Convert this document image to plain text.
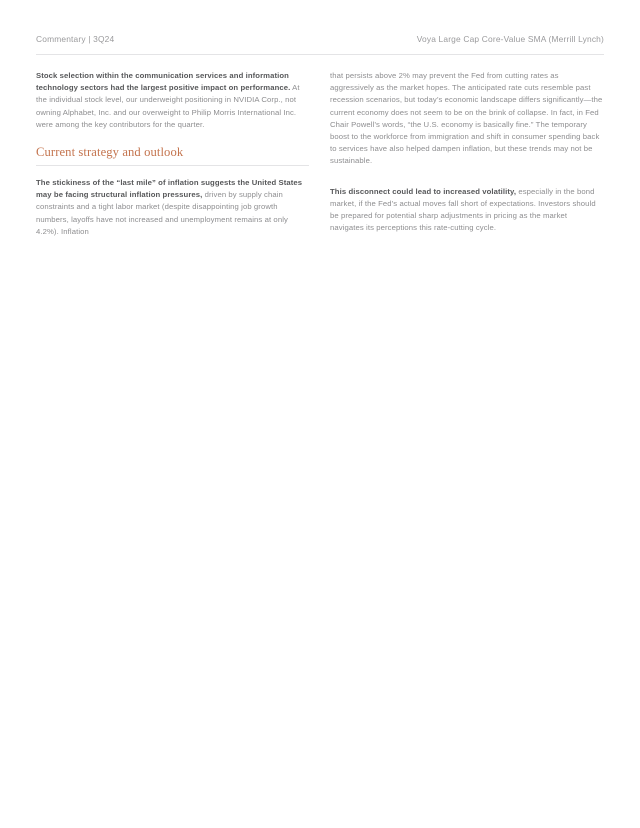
Commentary | 3Q24	Voya Large Cap Core-Value SMA (Merrill Lynch)

Stock selection within the communication services and information technology sectors had the largest positive impact on performance. At the individual stock level, our underweight positioning in NVIDIA Corp., not owning Alphabet, Inc. and our overweight to Philip Morris International Inc. were among the key contributors for the quarter.

Current strategy and outlook

The stickiness of the “last mile” of inflation suggests the United States may be facing structural inflation pressures, driven by supply chain constraints and a tight labor market (despite disappointing job growth numbers, layoffs have not increased and unemployment remains at only 4.2%). Inflation

that persists above 2% may prevent the Fed from cutting rates as aggressively as the market hopes. The anticipated rate cuts resemble past recession scenarios, but today’s economic landscape differs significantly—the current economy does not seem to be on the brink of collapse. In fact, in Fed Chair Powell’s words, “the U.S. economy is basically fine.” The temporary boost to the workforce from immigration and shift in consumer spending back to services have also helped dampen inflation, but these trends may not be sustainable.

This disconnect could lead to increased volatility, especially in the bond market, if the Fed’s actual moves fall short of expectations. Investors should be prepared for potential sharp adjustments in pricing as the market navigates its perceptions this rate-cutting cycle.
